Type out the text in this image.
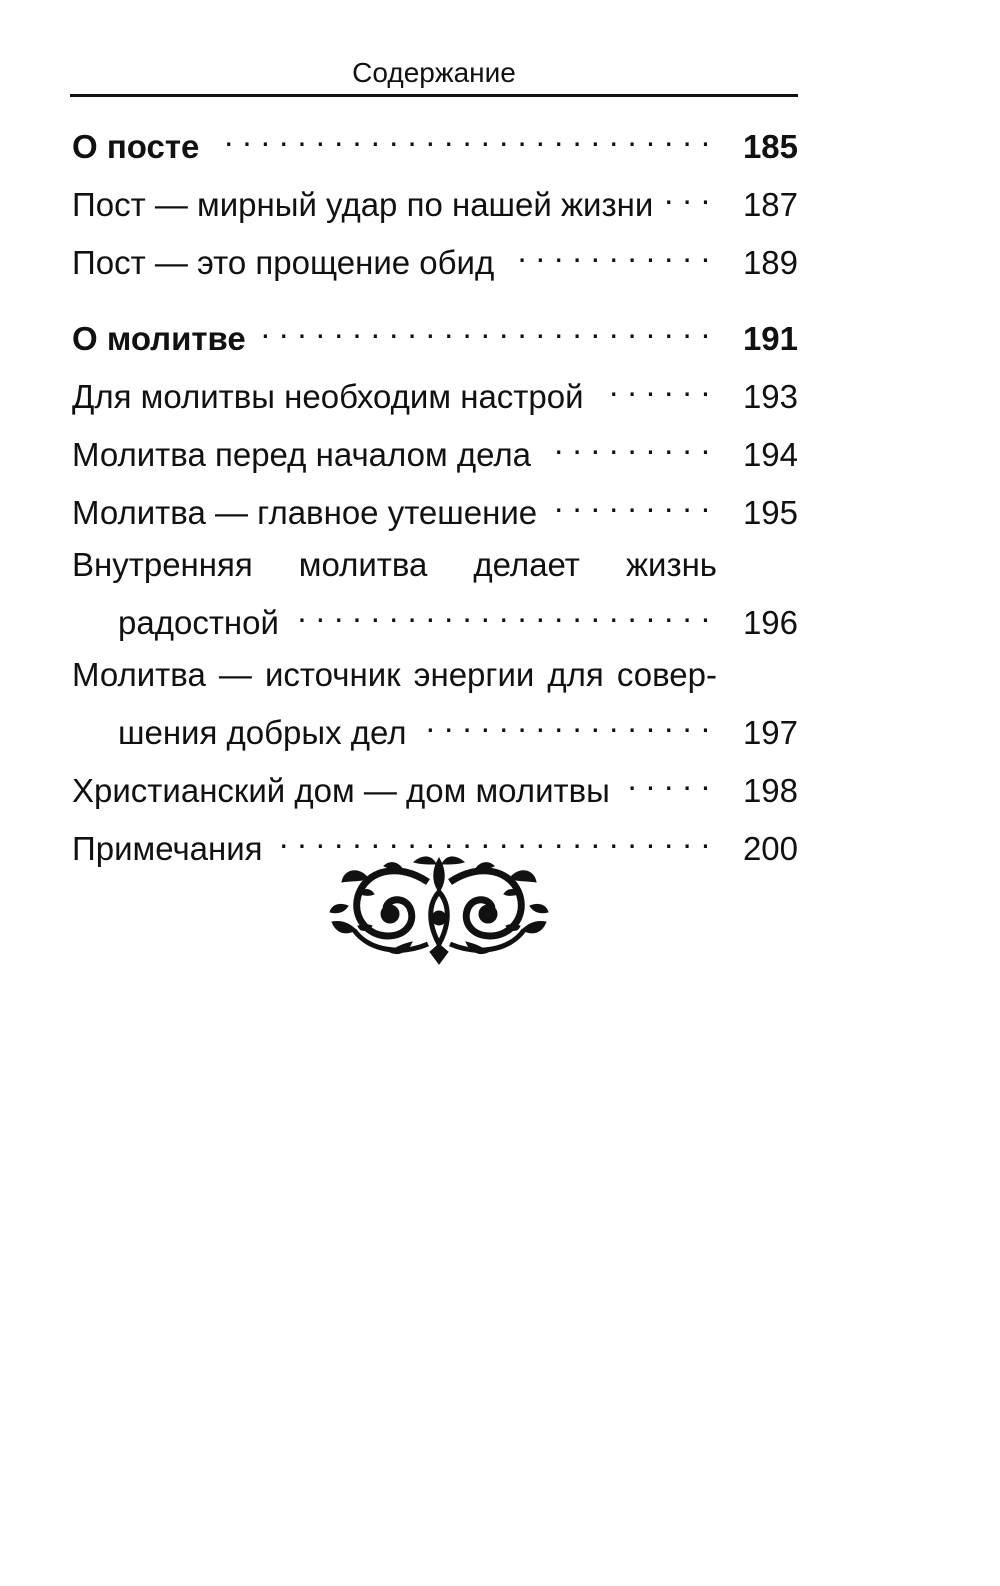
Содержание
О посте . . .	185
Пост — мирный удар по нашей жизни . . .	187
Пост — это прощение обид . . .	189
О молитве . . .	191
Для молитвы необходим настрой . . .	193
Молитва перед началом дела . . .	194
Молитва — главное утешение . . .	195
Внутренняя молитва делает жизнь
радостной . . .	196
Молитва — источник энергии для совер-
шения добрых дел . . .	197
Христианский дом — дом молитвы . . .	198
Примечания . . .	200
